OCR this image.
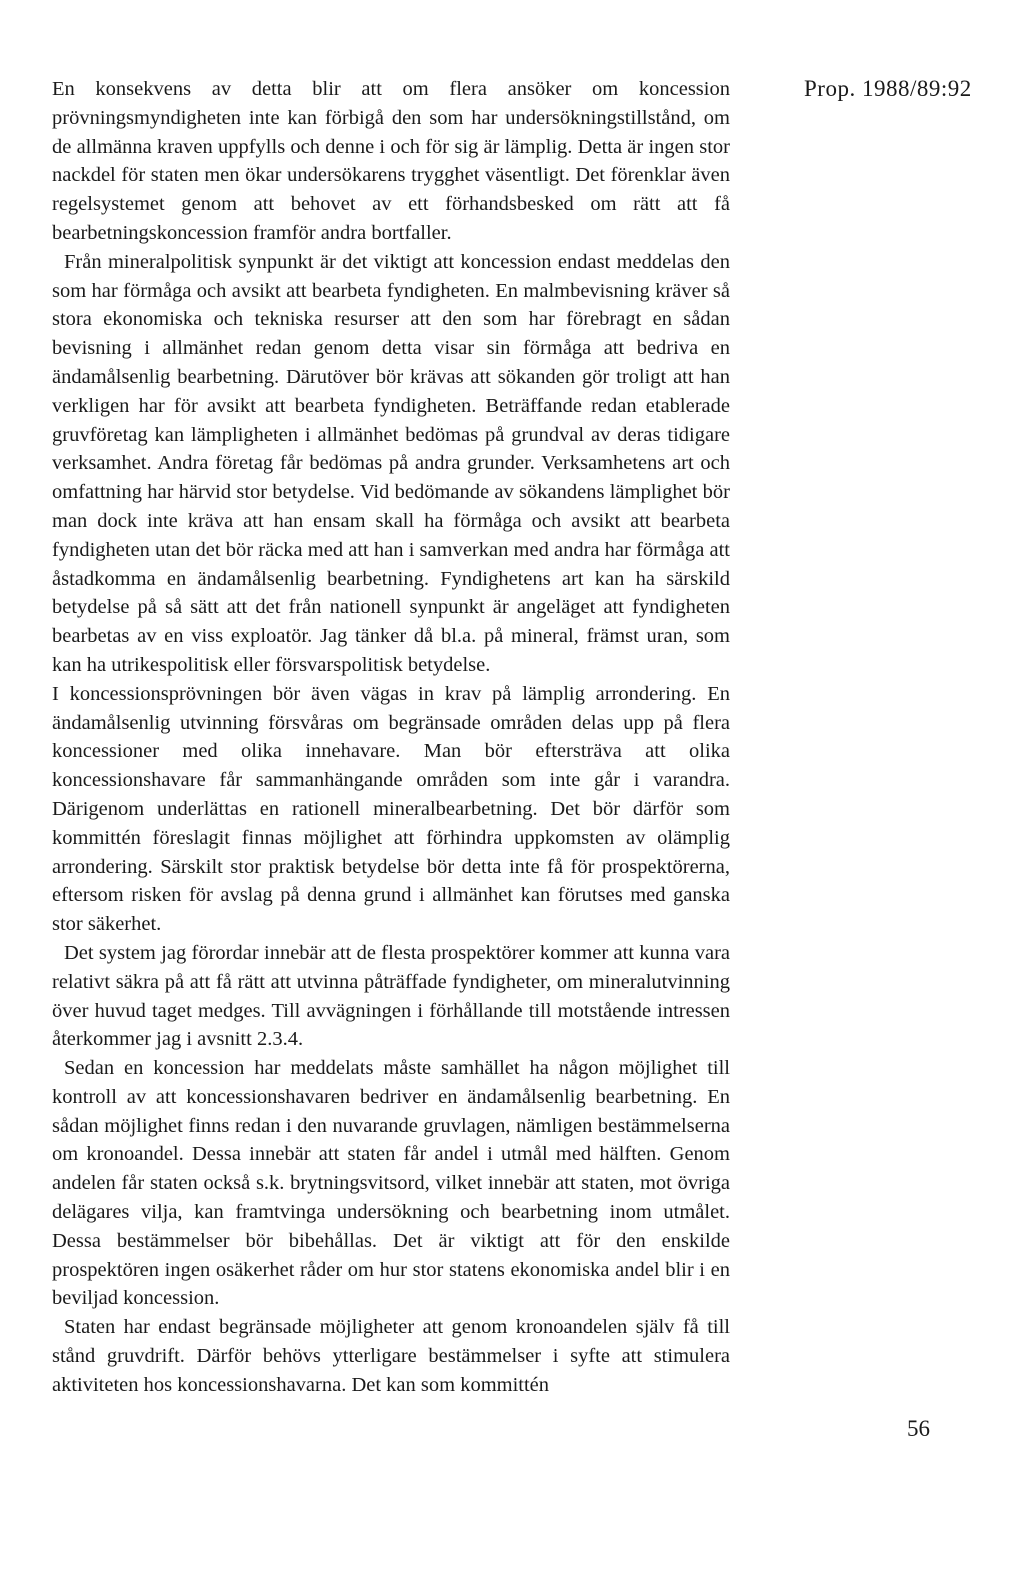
Prop. 1988/89:92

En konsekvens av detta blir att om flera ansöker om koncession prövningsmyndigheten inte kan förbigå den som har undersökningstillstånd, om de allmänna kraven uppfylls och denne i och för sig är lämplig. Detta är ingen stor nackdel för staten men ökar undersökarens trygghet väsentligt. Det förenklar även regelsystemet genom att behovet av ett förhandsbesked om rätt att få bearbetningskoncession framför andra bortfaller.

Från mineralpolitisk synpunkt är det viktigt att koncession endast meddelas den som har förmåga och avsikt att bearbeta fyndigheten. En malmbevisning kräver så stora ekonomiska och tekniska resurser att den som har förebragt en sådan bevisning i allmänhet redan genom detta visar sin förmåga att bedriva en ändamålsenlig bearbetning. Därutöver bör krävas att sökanden gör troligt att han verkligen har för avsikt att bearbeta fyndigheten. Beträffande redan etablerade gruvföretag kan lämpligheten i allmänhet bedömas på grundval av deras tidigare verksamhet. Andra företag får bedömas på andra grunder. Verksamhetens art och omfattning har härvid stor betydelse. Vid bedömande av sökandens lämplighet bör man dock inte kräva att han ensam skall ha förmåga och avsikt att bearbeta fyndigheten utan det bör räcka med att han i samverkan med andra har förmåga att åstadkomma en ändamålsenlig bearbetning. Fyndighetens art kan ha särskild betydelse på så sätt att det från nationell synpunkt är angeläget att fyndigheten bearbetas av en viss exploatör. Jag tänker då bl.a. på mineral, främst uran, som kan ha utrikespolitisk eller försvarspolitisk betydelse.

I koncessionsprövningen bör även vägas in krav på lämplig arrondering. En ändamålsenlig utvinning försvåras om begränsade områden delas upp på flera koncessioner med olika innehavare. Man bör eftersträva att olika koncessionshavare får sammanhängande områden som inte går i varandra. Därigenom underlättas en rationell mineralbearbetning. Det bör därför som kommittén föreslagit finnas möjlighet att förhindra uppkomsten av olämplig arrondering. Särskilt stor praktisk betydelse bör detta inte få för prospektörerna, eftersom risken för avslag på denna grund i allmänhet kan förutses med ganska stor säkerhet.

Det system jag förordar innebär att de flesta prospektörer kommer att kunna vara relativt säkra på att få rätt att utvinna påträffade fyndigheter, om mineralutvinning över huvud taget medges. Till avvägningen i förhållande till motstående intressen återkommer jag i avsnitt 2.3.4.

Sedan en koncession har meddelats måste samhället ha någon möjlighet till kontroll av att koncessionshavaren bedriver en ändamålsenlig bearbetning. En sådan möjlighet finns redan i den nuvarande gruvlagen, nämligen bestämmelserna om kronoandel. Dessa innebär att staten får andel i utmål med hälften. Genom andelen får staten också s.k. brytningsvitsord, vilket innebär att staten, mot övriga delägares vilja, kan framtvinga undersökning och bearbetning inom utmålet. Dessa bestämmelser bör bibehållas. Det är viktigt att för den enskilde prospektören ingen osäkerhet råder om hur stor statens ekonomiska andel blir i en beviljad koncession.

Staten har endast begränsade möjligheter att genom kronoandelen själv få till stånd gruvdrift. Därför behövs ytterligare bestämmelser i syfte att stimulera aktiviteten hos koncessionshavarna. Det kan som kommittén

56
